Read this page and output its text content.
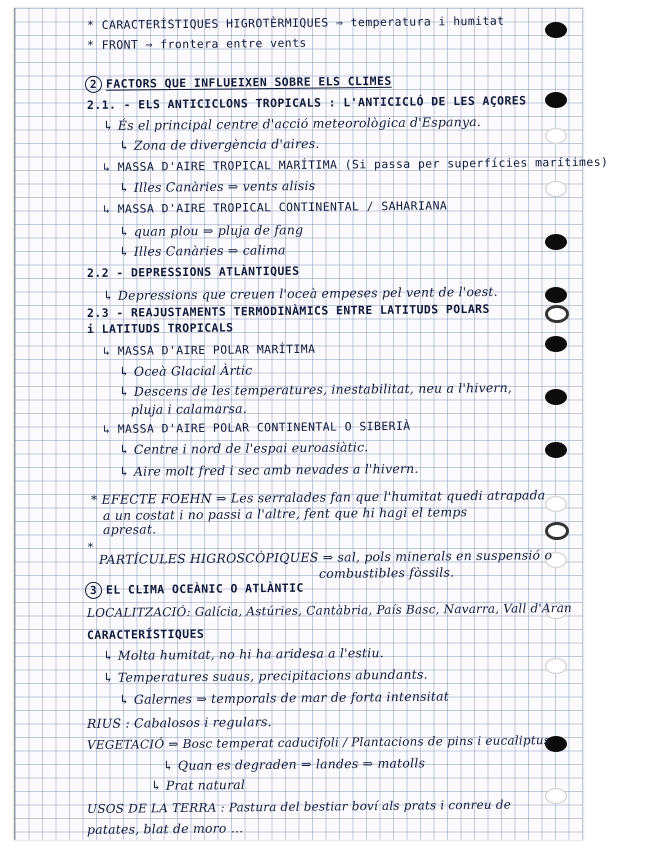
* CARACTERÍSTIQUES HIGROTÈRMIQUES ⇒ temperatura i humitat
* FRONT ⇒ frontera entre vents
2 FACTORS QUE INFLUEIXEN SOBRE ELS CLIMES
2.1. - ELS ANTICICLONS TROPICALS : L'ANTICICLÓ DE LES AÇORES
↳ És el principal centre d'acció meteorològica d'Espanya.
↳ Zona de divergència d'aires.
↳ MASSA D'AIRE TROPICAL MARÍTIMA (Si passa per superfícies marítimes)
↳ Illes Canàries ⇒ vents alisis
↳ MASSA D'AIRE TROPICAL CONTINENTAL / SAHARIANA
↳ quan plou ⇒ pluja de fang
↳ Illes Canàries ⇒ calima
2.2 - DEPRESSIONS ATLÀNTIQUES
↳ Depressions que creuen l'oceà empeses pel vent de l'oest.
2.3 - REAJUSTAMENTS TERMODINÀMICS ENTRE LATITUDS POLARS
i LATITUDS TROPICALS
↳ MASSA D'AIRE POLAR MARÍTIMA
↳ Oceà Glacial Àrtic
↳ Descens de les temperatures, inestabilitat, neu a l'hivern,
pluja i calamarsa.
↳ MASSA D'AIRE POLAR CONTINENTAL O SIBERIÀ
↳ Centre i nord de l'espai euroasiàtic.
↳ Aire molt fred i sec amb nevades a l'hivern.
* EFECTE FOEHN ⇒ Les serralades fan que l'humitat quedi atrapada
a un costat i no passi a l'altre, fent que hi hagi el temps
apresat.
*
PARTÍCULES HIGROSCÒPIQUES ⇒ sal, pols minerals en suspensió o
combustibles fòssils.
3 EL CLIMA OCEÀNIC O ATLÀNTIC
LOCALITZACIÓ: Galícia, Astúries, Cantàbria, País Basc, Navarra, Vall d'Aran
CARACTERÍSTIQUES
↳ Molta humitat, no hi ha aridesa a l'estiu.
↳ Temperatures suaus, precipitacions abundants.
↳ Galernes ⇒ temporals de mar de forta intensitat
RIUS : Cabalosos i regulars.
VEGETACIÓ ⇒ Bosc temperat caducifoli / Plantacions de pins i eucaliptus
↳ Quan es degraden ⇒ landes ⇒ matolls
↳ Prat natural
USOS DE LA TERRA : Pastura del bestiar boví als prats i conreu de
patates, blat de moro ...
